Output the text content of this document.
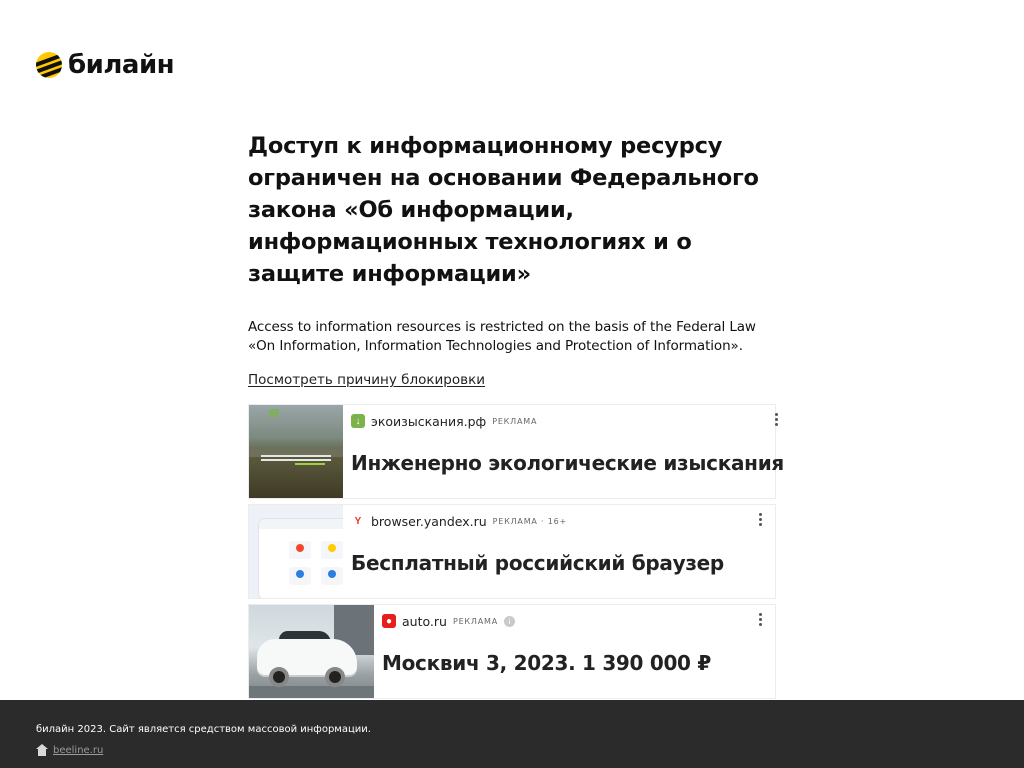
билайн
Доступ к информационному ресурсу ограничен на основании Федерального закона «Об информации, информационных технологиях и о защите информации»

Access to information resources is restricted on the basis of the Federal Law «On Information, Information Technologies and Protection of Information».

Посмотреть причину блокировки
↓ экоизыскания.рф РЕКЛАМА
Инженерно экологические изыскания
Y browser.yandex.ru РЕКЛАМА · 16+
Бесплатный российский браузер
● auto.ru РЕКЛАМА	i
Москвич 3, 2023. 1 390 000 ₽
билайн 2023. Сайт является средством массовой информации.
beeline.ru
